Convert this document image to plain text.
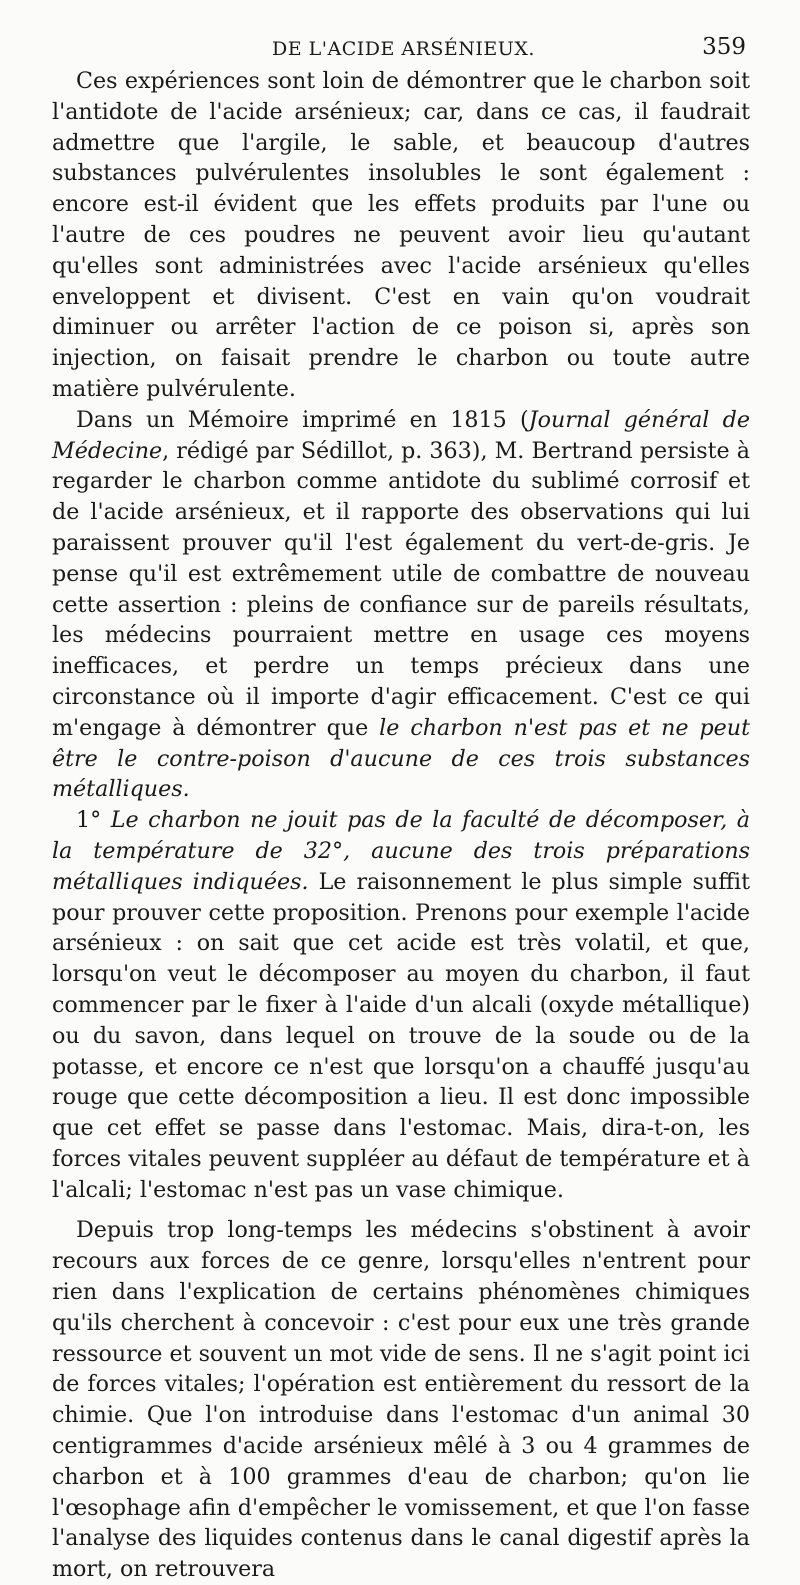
DE L'ACIDE ARSÉNIEUX.	359

Ces expériences sont loin de démontrer que le charbon soit l'antidote de l'acide arsénieux; car, dans ce cas, il faudrait admettre que l'argile, le sable, et beaucoup d'autres substances pulvérulentes insolubles le sont également : encore est-il évident que les effets produits par l'une ou l'autre de ces poudres ne peuvent avoir lieu qu'autant qu'elles sont administrées avec l'acide arsénieux qu'elles enveloppent et divisent. C'est en vain qu'on voudrait diminuer ou arrêter l'action de ce poison si, après son injection, on faisait prendre le charbon ou toute autre matière pulvérulente.

Dans un Mémoire imprimé en 1815 (Journal général de Médecine, rédigé par Sédillot, p. 363), M. Bertrand persiste à regarder le charbon comme antidote du sublimé corrosif et de l'acide arsénieux, et il rapporte des observations qui lui paraissent prouver qu'il l'est également du vert-de-gris. Je pense qu'il est extrêmement utile de combattre de nouveau cette assertion : pleins de confiance sur de pareils résultats, les médecins pourraient mettre en usage ces moyens inefficaces, et perdre un temps précieux dans une circonstance où il importe d'agir efficacement. C'est ce qui m'engage à démontrer que le charbon n'est pas et ne peut être le contre-poison d'aucune de ces trois substances métalliques.

1° Le charbon ne jouit pas de la faculté de décomposer, à la température de 32°, aucune des trois préparations métalliques indiquées. Le raisonnement le plus simple suffit pour prouver cette proposition. Prenons pour exemple l'acide arsénieux : on sait que cet acide est très volatil, et que, lorsqu'on veut le décomposer au moyen du charbon, il faut commencer par le fixer à l'aide d'un alcali (oxyde métallique) ou du savon, dans lequel on trouve de la soude ou de la potasse, et encore ce n'est que lorsqu'on a chauffé jusqu'au rouge que cette décomposition a lieu. Il est donc impossible que cet effet se passe dans l'estomac. Mais, dira-t-on, les forces vitales peuvent suppléer au défaut de température et à l'alcali; l'estomac n'est pas un vase chimique.

Depuis trop long-temps les médecins s'obstinent à avoir recours aux forces de ce genre, lorsqu'elles n'entrent pour rien dans l'explication de certains phénomènes chimiques qu'ils cherchent à concevoir : c'est pour eux une très grande ressource et souvent un mot vide de sens. Il ne s'agit point ici de forces vitales; l'opération est entièrement du ressort de la chimie. Que l'on introduise dans l'estomac d'un animal 30 centigrammes d'acide arsénieux mêlé à 3 ou 4 grammes de charbon et à 100 grammes d'eau de charbon; qu'on lie l'œsophage afin d'empêcher le vomissement, et que l'on fasse l'analyse des liquides contenus dans le canal digestif après la mort, on retrouvera
